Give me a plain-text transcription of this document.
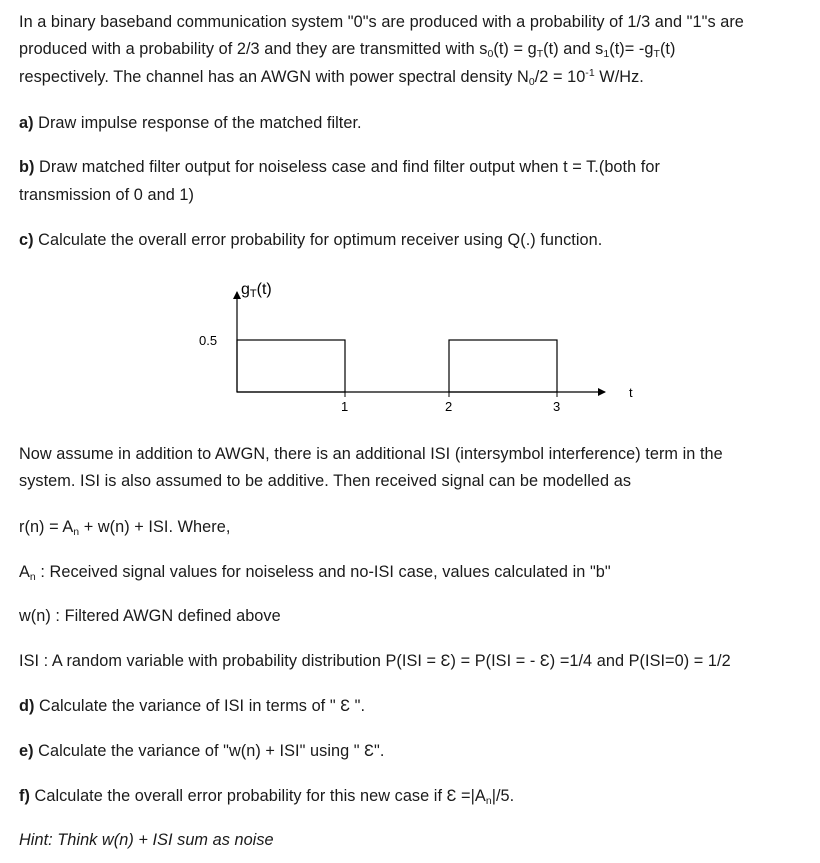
In a binary baseband communication system "0"s are produced with a probability of 1/3 and "1"s are
produced with a probability of 2/3 and they are transmitted with $s_0(t) = g_T(t)$ and $s_1(t)= -g_T(t)$
respectively. The channel has an AWGN with power spectral density $N_0/2 = 10^{-1}$ W/Hz.
a) Draw impulse response of the matched filter.
b) Draw matched filter output for noiseless case and find filter output when t = T.(both for
transmission of 0 and 1)
c) Calculate the overall error probability for optimum receiver using Q(.) function.
gT(t)
0.5
1	2	3
t
Now assume in addition to AWGN, there is an additional ISI (intersymbol interference) term in the
system. ISI is also assumed to be additive. Then received signal can be modelled as
$r(n) = A_n + w(n)$ + ISI. Where,
$A_n$ : Received signal values for noiseless and no-ISI case, values calculated in "b"
w(n) : Filtered AWGN defined above
ISI : A random variable with probability distribution P(ISI = Ɛ) = P(ISI = - Ɛ) =1/4 and P(ISI=0) = 1/2
d) Calculate the variance of ISI in terms of " Ɛ ".
e) Calculate the variance of "w(n) + ISI" using " Ɛ".
f) Calculate the overall error probability for this new case if Ɛ $=|A_n|/5$.
Hint: Think w(n) + ISI sum as noise
